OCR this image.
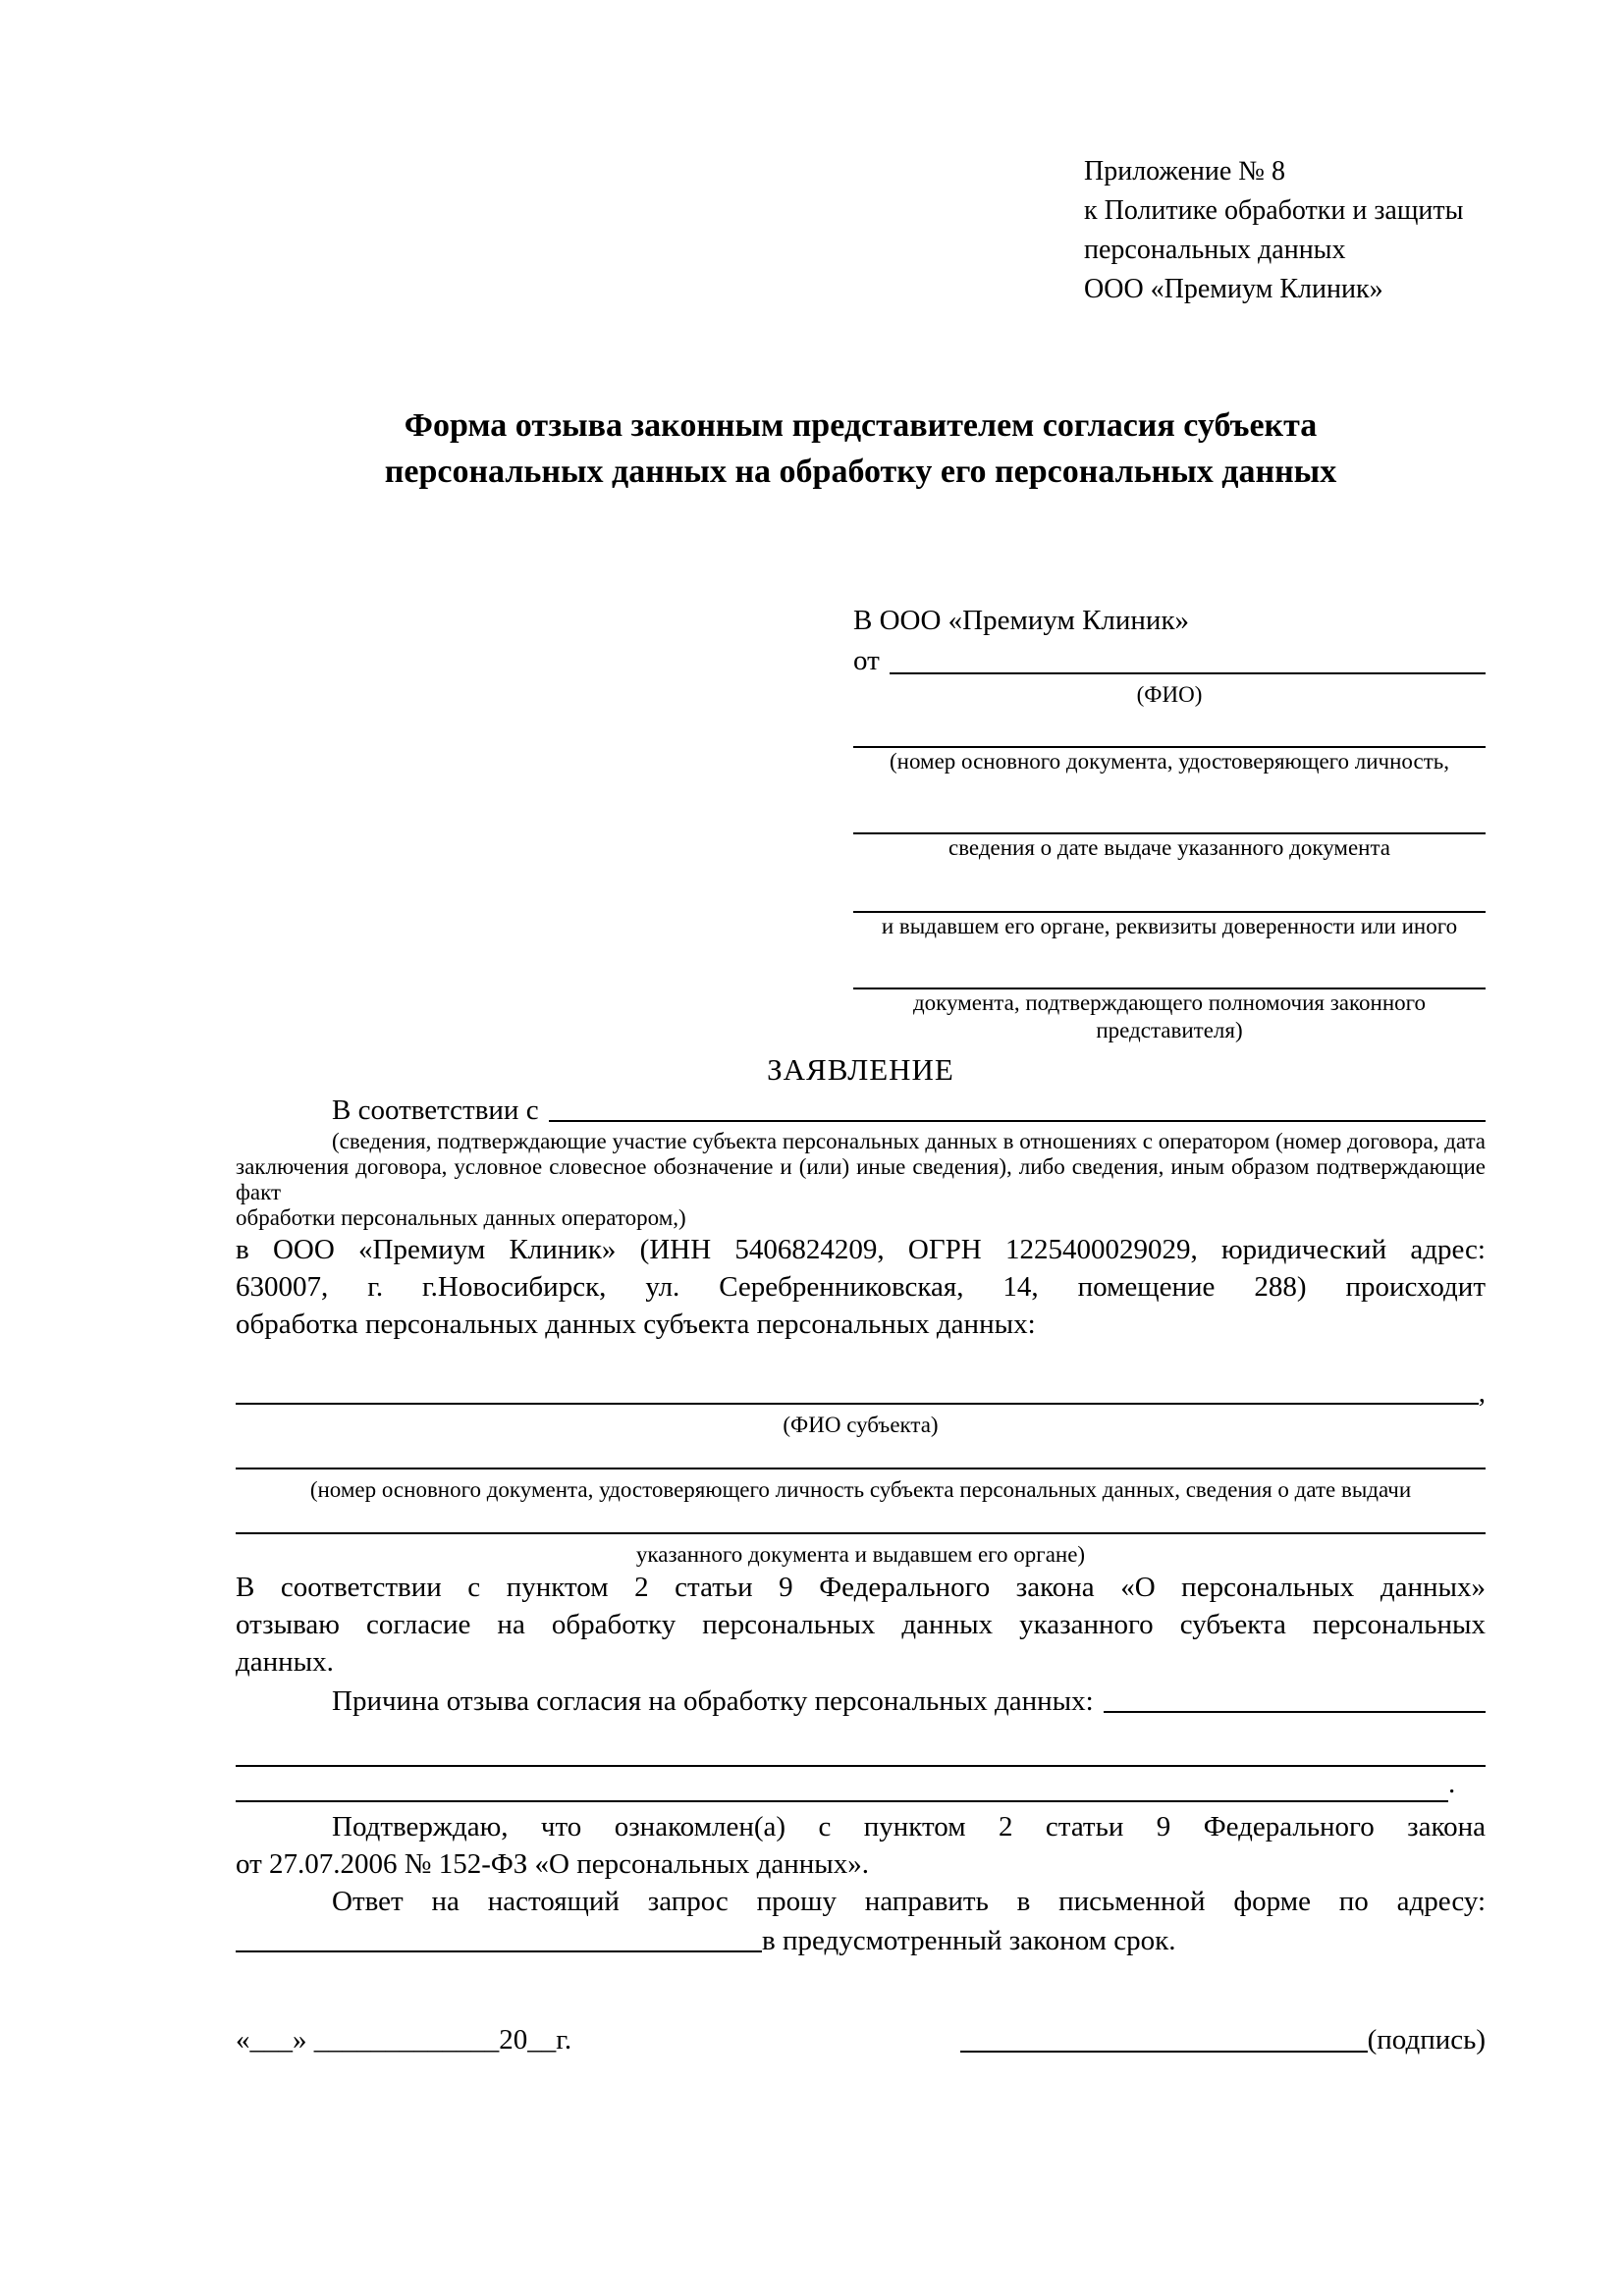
Приложение № 8
к Политике обработки и защиты
персональных данных
ООО «Премиум Клиник»
Форма отзыва законным представителем согласия субъекта
персональных данных на обработку его персональных данных
В ООО «Премиум Клиник»
от
(ФИО)
(номер основного документа, удостоверяющего личность,
сведения о дате выдаче указанного документа
и выдавшем его органе, реквизиты доверенности или иного
документа, подтверждающего полномочия законного представителя)
ЗАЯВЛЕНИЕ
В соответствии с
(сведения, подтверждающие участие субъекта персональных данных в отношениях с оператором (номер договора, дата
заключения договора, условное словесное обозначение и (или) иные сведения), либо сведения, иным образом подтверждающие факт
обработки персональных данных оператором,)
в ООО «Премиум Клиник» (ИНН 5406824209, ОГРН 1225400029029, юридический адрес:
630007, г. г.Новосибирск, ул. Серебренниковская, 14, помещение 288) происходит
обработка персональных данных субъекта персональных данных:
,
(ФИО субъекта)
(номер основного документа, удостоверяющего личность субъекта персональных данных, сведения о дате выдачи
указанного документа и выдавшем его органе)
В соответствии с пунктом 2 статьи 9 Федерального закона «О персональных данных»
отзываю согласие на обработку персональных данных указанного субъекта персональных
данных.
Причина отзыва согласия на обработку персональных данных:
.
Подтверждаю, что ознакомлен(а) с пунктом 2 статьи 9 Федерального закона
от 27.07.2006 № 152-ФЗ «О персональных данных».
Ответ на настоящий запрос прошу направить в письменной форме по адресу:
в предусмотренный законом срок.
«___» _____________20__г.	(подпись)
